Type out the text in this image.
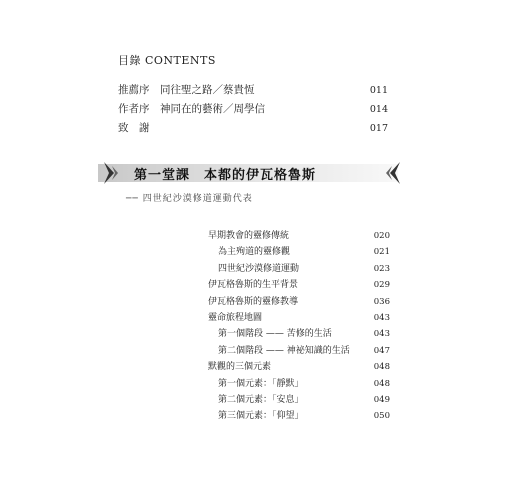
目錄 CONTENTS
推薦序　同往聖之路／蔡貴恆	011
作者序　神同在的藝術／周學信	014
致　謝	017
第一堂課　本都的伊瓦格魯斯
── 四世紀沙漠修道運動代表
早期教會的靈修傳統	020
為主殉道的靈修觀	021
四世紀沙漠修道運動	023
伊瓦格魯斯的生平背景	029
伊瓦格魯斯的靈修教導	036
靈命旅程地圖	043
第一個階段 —— 苦修的生活	043
第二個階段 —— 神祕知識的生活	047
默觀的三個元素	048
第一個元素：「靜默」	048
第二個元素：「安息」	049
第三個元素：「仰望」	050
